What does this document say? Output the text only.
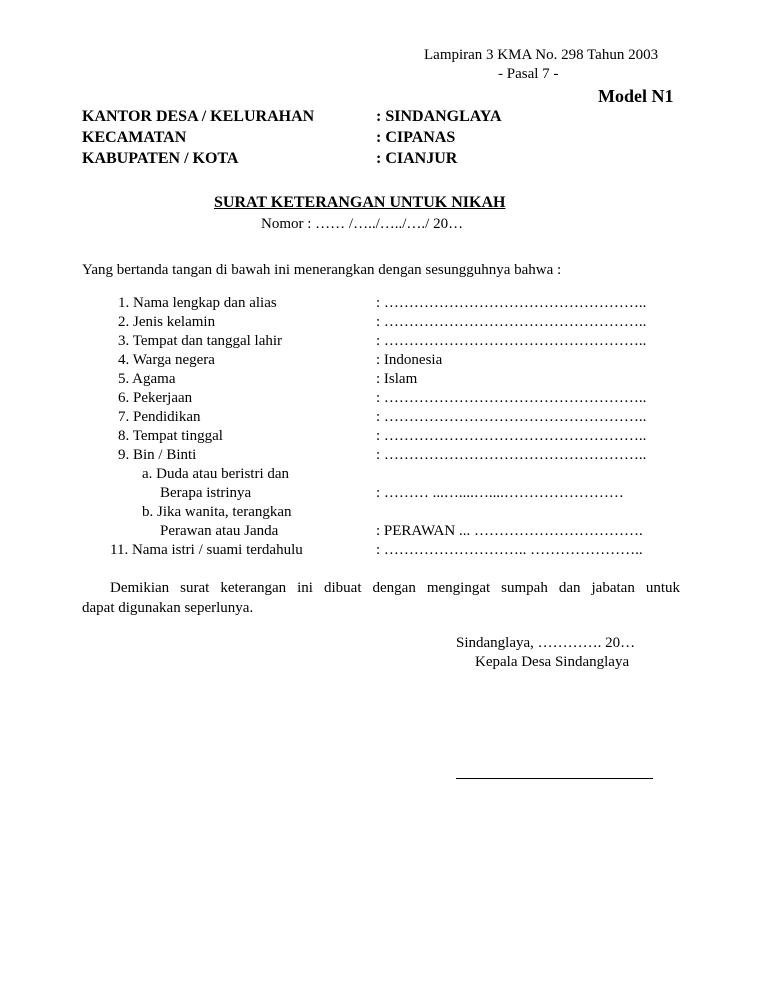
Lampiran 3 KMA No. 298 Tahun 2003
- Pasal 7 -
Model N1
KANTOR DESA / KELURAHAN	: SINDANGLAYA
KECAMATAN	: CIPANAS
KABUPATEN / KOTA	: CIANJUR
SURAT KETERANGAN UNTUK NIKAH
Nomor : …… /…../…../…./ 20…
Yang bertanda tangan di bawah ini menerangkan dengan sesungguhnya bahwa :
1. Nama lengkap dan alias	: ……………………………………………..
2. Jenis kelamin	: ……………………………………………..
3. Tempat dan tanggal lahir	: ……………………………………………..
4. Warga negera	: Indonesia
5. Agama	: Islam
6. Pekerjaan	: ……………………………………………..
7. Pendidikan	: ……………………………………………..
8. Tempat tinggal	: ……………………………………………..
9. Bin / Binti	: ……………………………………………..
a. Duda atau beristri dan
Berapa istrinya	: ……… ...…....…....……………………
b. Jika wanita, terangkan
Perawan atau Janda	: PERAWAN ... …………………………….
11. Nama istri / suami terdahulu	: ……………………….. …………………..
Demikian surat keterangan ini dibuat dengan mengingat sumpah dan jabatan untuk
dapat digunakan seperlunya.
Sindanglaya, …………. 20…
Kepala Desa Sindanglaya
